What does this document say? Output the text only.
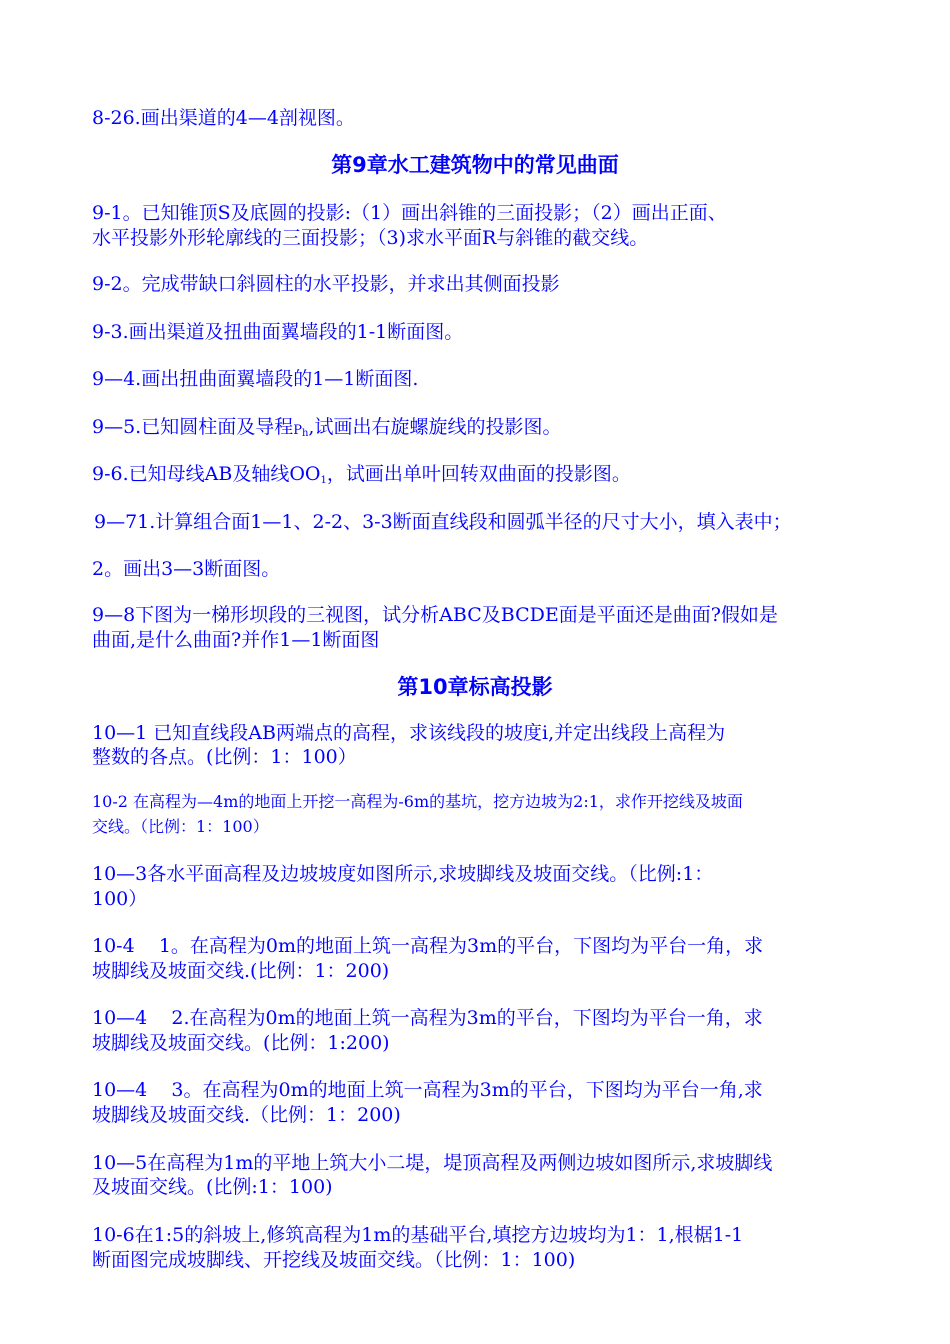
8-26.画出渠道的4—4剖视图。
第9章水工建筑物中的常见曲面
9-1。已知锥顶S及底圆的投影:（1）画出斜锥的三面投影；（2）画出正面、
水平投影外形轮廓线的三面投影；（3)求水平面R与斜锥的截交线。
9-2。完成带缺口斜圆柱的水平投影，并求出其侧面投影
9-3.画出渠道及扭曲面翼墙段的1-1断面图。
9—4.画出扭曲面翼墙段的1—1断面图.
9—5.已知圆柱面及导程$P_h$,试画出右旋螺旋线的投影图。
9-6.已知母线AB及轴线$OO_1$，试画出单叶回转双曲面的投影图。
9—71.计算组合面1—1、2-2、3-3断面直线段和圆弧半径的尺寸大小，填入表中；
2。画出3—3断面图。
9—8下图为一梯形坝段的三视图，试分析ABC及BCDE面是平面还是曲面?假如是
曲面,是什么曲面?并作1—1断面图
第10章标高投影
10—1 已知直线段AB两端点的高程，求该线段的坡度i,并定出线段上高程为
整数的各点。(比例：1：100）
10-2 在高程为—4m的地面上开挖一高程为-6m的基坑，挖方边坡为2:1，求作开挖线及坡面
交线。（比例：1：100）
10—3各水平面高程及边坡坡度如图所示,求坡脚线及坡面交线。（比例:1：
100）
10-4    1。在高程为0m的地面上筑一高程为3m的平台，下图均为平台一角，求
坡脚线及坡面交线.(比例：1：200)
10—4    2.在高程为0m的地面上筑一高程为3m的平台，下图均为平台一角，求
坡脚线及坡面交线。(比例：1:200)
10—4    3。在高程为0m的地面上筑一高程为3m的平台，下图均为平台一角,求
坡脚线及坡面交线.（比例：1：200)
10—5在高程为1m的平地上筑大小二堤，堤顶高程及两侧边坡如图所示,求坡脚线
及坡面交线。(比例:1：100)
10-6在1:5的斜坡上,修筑高程为1m的基础平台,填挖方边坡均为1：1,根椐1-1
断面图完成坡脚线、开挖线及坡面交线。（比例：1：100)
